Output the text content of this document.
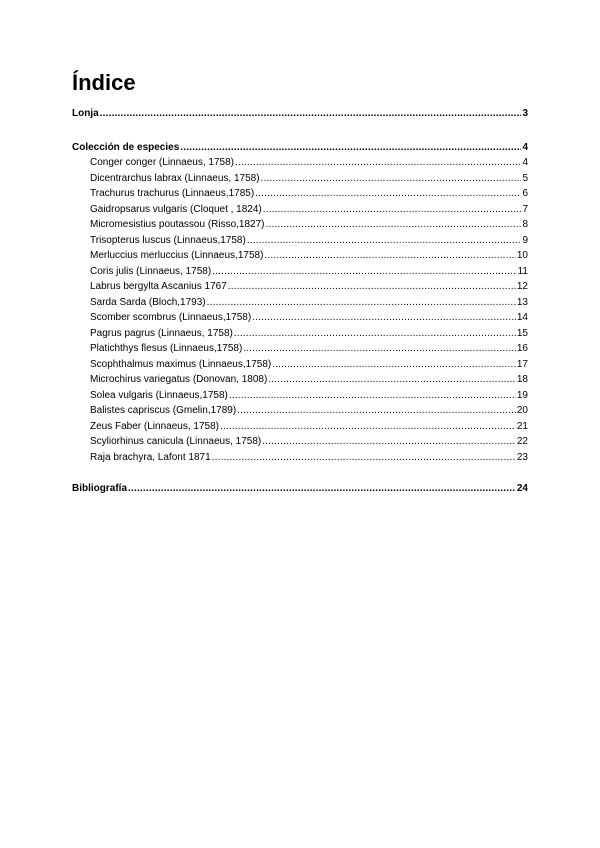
Índice
Lonja .....	3
Colección de especies .....	4
Conger conger (Linnaeus, 1758) .....	4
Dicentrarchus labrax (Linnaeus, 1758) .....	5
Trachurus trachurus (Linnaeus,1785) .....	6
Gaidropsarus vulgaris (Cloquet , 1824) .....	7
Micromesistius poutassou (Risso,1827) .....	8
Trisopterus luscus (Linnaeus,1758) .....	9
Merluccius merluccius (Linnaeus,1758) .....	10
Coris julis (Linnaeus, 1758) .....	11
Labrus bergylta Ascanius 1767 .....	12
Sarda Sarda (Bloch,1793) .....	13
Scomber scombrus (Linnaeus,1758) .....	14
Pagrus pagrus (Linnaeus, 1758) .....	15
Platichthys flesus (Linnaeus,1758) .....	16
Scophthalmus maximus (Linnaeus,1758) .....	17
Microchirus variegatus (Donovan, 1808) .....	18
Solea vulgaris (Linnaeus,1758) .....	19
Balistes capriscus (Gmelin,1789) .....	20
Zeus Faber (Linnaeus, 1758) .....	21
Scyliorhinus canicula (Linnaeus, 1758) .....	22
Raja brachyra, Lafont 1871 .....	23
Bibliografía .....	24
